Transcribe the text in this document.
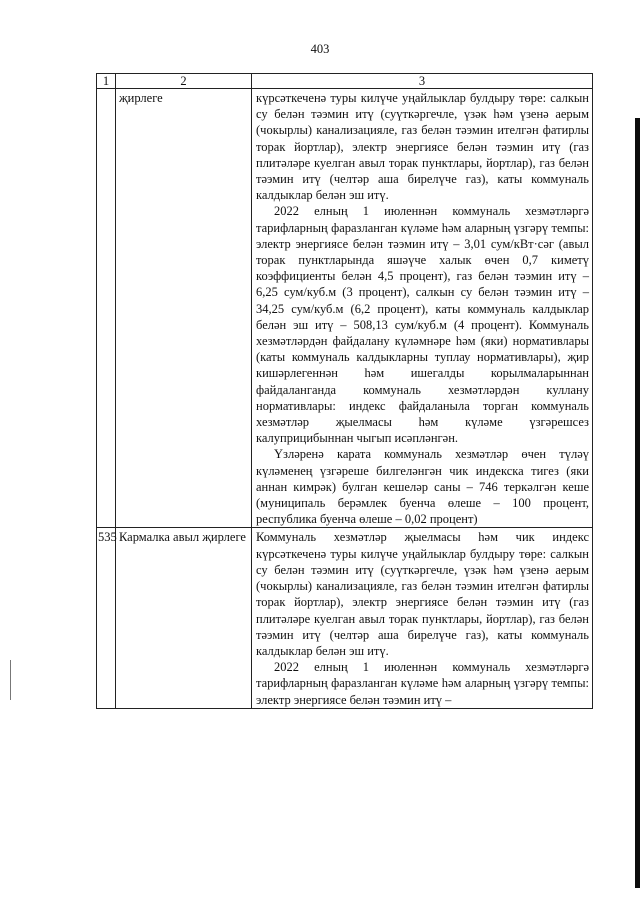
403
1	2	3
	җирлеге	күрсәткеченә туры килүче уңайлыклар булдыру төре: салкын су белән тәэмин итү (суүткәргечле, үзәк һәм үзенә аерым (чокырлы) канализацияле, газ белән тәэмин ителгән фатирлы торак йортлар), электр энергиясе белән тәэмин итү (газ плитәләре куелган авыл торак пунктлары, йортлар), газ белән тәэмин итү (челтәр аша бирелүче газ), каты коммуналь калдыклар белән эш итү.

2022 елның 1 июленнән коммуналь хезмәтләргә тарифларның фаразланган күләме һәм аларның үзгәрү темпы: электр энергиясе белән тәэмин итү – 3,01 сум/кВт·сәг (авыл торак пунктларында яшәүче халык өчен 0,7 киметү коэффициенты белән 4,5 процент), газ белән тәэмин итү – 6,25 сум/куб.м (3 процент), салкын су белән тәэмин итү – 34,25 сум/куб.м (6,2 процент), каты коммуналь калдыклар белән эш итү – 508,13 сум/куб.м (4 процент). Коммуналь хезмәтләрдән файдалану күләмнәре һәм (яки) нормативлары (каты коммуналь калдыкларны туплау нормативлары), җир кишәрлегеннән һәм ишегалды корылмаларыннан файдаланганда коммуналь хезмәтләрдән куллану нормативлары: индекс файдаланыла торган коммуналь хезмәтләр җыелмасы һәм күләме үзгәрешсез калуприцибыннан чыгып исәпләнгән.

Үзләренә карата коммуналь хезмәтләр өчен түләү күләменең үзгәреше билгеләнгән чик индекска тигез (яки аннан кимрәк) булган кешеләр саны – 746 теркәлгән кеше (муниципаль берәмлек буенча өлеше – 100 процент, республика буенча өлеше – 0,02 процент)

535	Кармалка авыл җирлеге	Коммуналь хезмәтләр җыелмасы һәм чик индекс күрсәткеченә туры килүче уңайлыклар булдыру төре: салкын су белән тәэмин итү (суүткәргечле, үзәк һәм үзенә аерым (чокырлы) канализацияле, газ белән тәэмин ителгән фатирлы торак йортлар), электр энергиясе белән тәэмин итү (газ плитәләре куелган авыл торак пунктлары, йортлар), газ белән тәэмин итү (челтәр аша бирелүче газ), каты коммуналь калдыклар белән эш итү.

2022 елның 1 июленнән коммуналь хезмәтләргә тарифларның фаразланган күләме һәм аларның үзгәрү темпы: электр энергиясе белән тәэмин итү –
